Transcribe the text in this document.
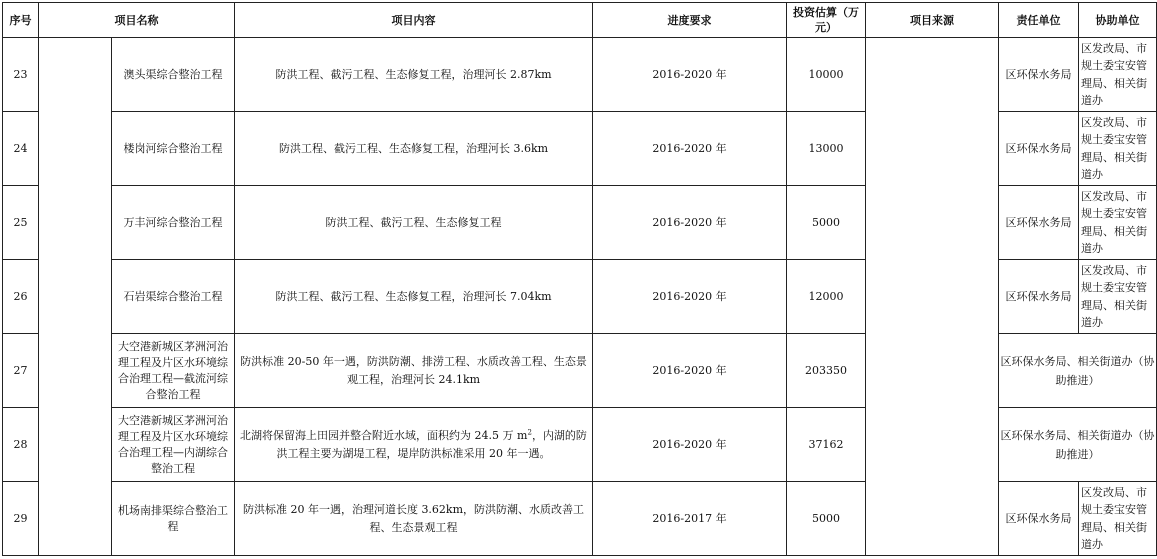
序号	项目名称		项目内容	进度要求	投资估算（万元）	项目来源	责任单位	协助单位
23		澳头渠综合整治工程	防洪工程、截污工程、生态修复工程，治理河长 2.87km	2016-2020 年	10000		区环保水务局	区发改局、市规土委宝安管理局、相关街道办
24		楼岗河综合整治工程	防洪工程、截污工程、生态修复工程，治理河长 3.6km	2016-2020 年	13000		区环保水务局	区发改局、市规土委宝安管理局、相关街道办
25		万丰河综合整治工程	防洪工程、截污工程、生态修复工程	2016-2020 年	5000		区环保水务局	区发改局、市规土委宝安管理局、相关街道办
26		石岩渠综合整治工程	防洪工程、截污工程、生态修复工程，治理河长 7.04km	2016-2020 年	12000		区环保水务局	区发改局、市规土委宝安管理局、相关街道办
27		大空港新城区茅洲河治理工程及片区水环境综合治理工程—截流河综合整治工程	防洪标准 20-50 年一遇，防洪防潮、排涝工程、水质改善工程、生态景观工程，治理河长 24.1km	2016-2020 年	203350		区环保水务局、相关街道办（协助推进）	
28		大空港新城区茅洲河治理工程及片区水环境综合治理工程—内湖综合整治工程	北湖将保留海上田园并整合附近水域，面积约为 24.5 万 $m^2$，内湖的防洪工程主要为湖堤工程，堤岸防洪标准采用 20 年一遇。	2016-2020 年	37162		区环保水务局、相关街道办（协助推进）	
29		机场南排渠综合整治工程	防洪标准 20 年一遇，治理河道长度 3.62km，防洪防潮、水质改善工程、生态景观工程	2016-2017 年	5000		区环保水务局	区发改局、市规土委宝安管理局、相关街道办
